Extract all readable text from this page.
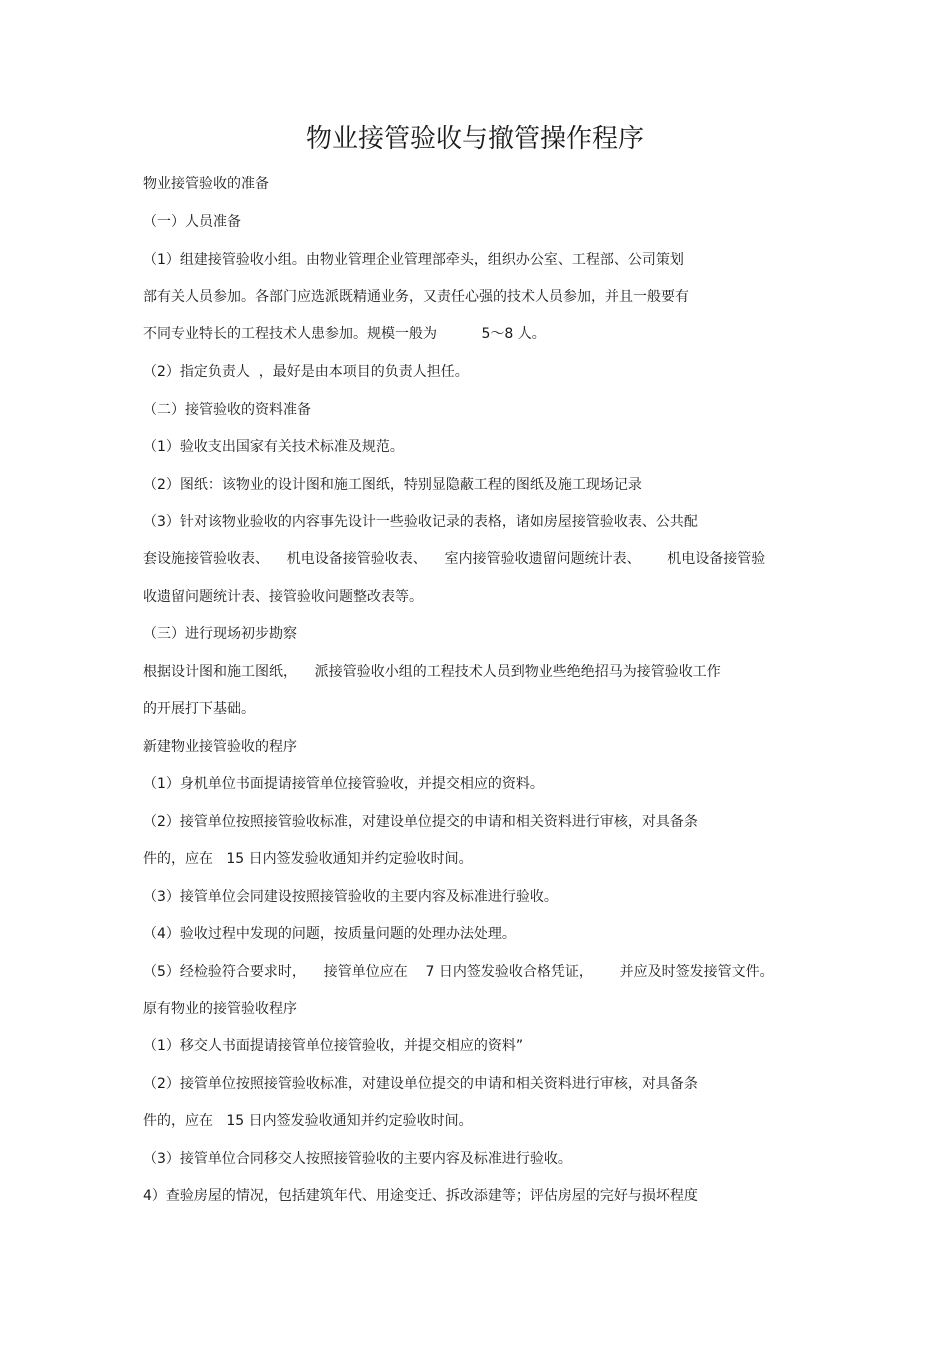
物业接管验收与撤管操作程序
物业接管验收的准备
（一）人员准备
（1）组建接管验收小组。由物业管理企业管理部牵头，组织办公室、工程部、公司策划
部有关人员参加。各部门应选派既精通业务，又责任心强的技术人员参加，并且一般要有
不同专业特长的工程技术人患参加。规模一般为          5～8 人。
（2）指定负责人  ，最好是由本项目的负责人担任。
（二）接管验收的资料准备
（1）验收支出国家有关技术标准及规范。
（2）图纸：该物业的设计图和施工图纸，特别显隐蔽工程的图纸及施工现场记录
（3）针对该物业验收的内容事先设计一些验收记录的表格，诸如房屋接管验收表、公共配
套设施接管验收表、    机电设备接管验收表、    室内接管验收遗留问题统计表、      机电设备接管验
收遗留问题统计表、接管验收问题整改表等。
（三）进行现场初步勘察
根据设计图和施工图纸，    派接管验收小组的工程技术人员到物业些绝绝招马为接管验收工作
的开展打下基础。
新建物业接管验收的程序
（1）身机单位书面提请接管单位接管验收，并提交相应的资料。
（2）接管单位按照接管验收标准，对建设单位提交的申请和相关资料进行审核，对具备条
件的，应在   15 日内签发验收通知并约定验收时间。
（3）接管单位会同建设按照接管验收的主要内容及标准进行验收。
（4）验收过程中发现的问题，按质量问题的处理办法处理。
（5）经检验符合要求时，    接管单位应在    7 日内签发验收合格凭证，      并应及时签发接管文件。
原有物业的接管验收程序
（1）移交人书面提请接管单位接管验收，并提交相应的资料”
（2）接管单位按照接管验收标准，对建设单位提交的申请和相关资料进行审核，对具备条
件的，应在   15 日内签发验收通知并约定验收时间。
（3）接管单位合同移交人按照接管验收的主要内容及标准进行验收。
4）查验房屋的情况，包括建筑年代、用途变迁、拆改添建等；评估房屋的完好与损坏程度
